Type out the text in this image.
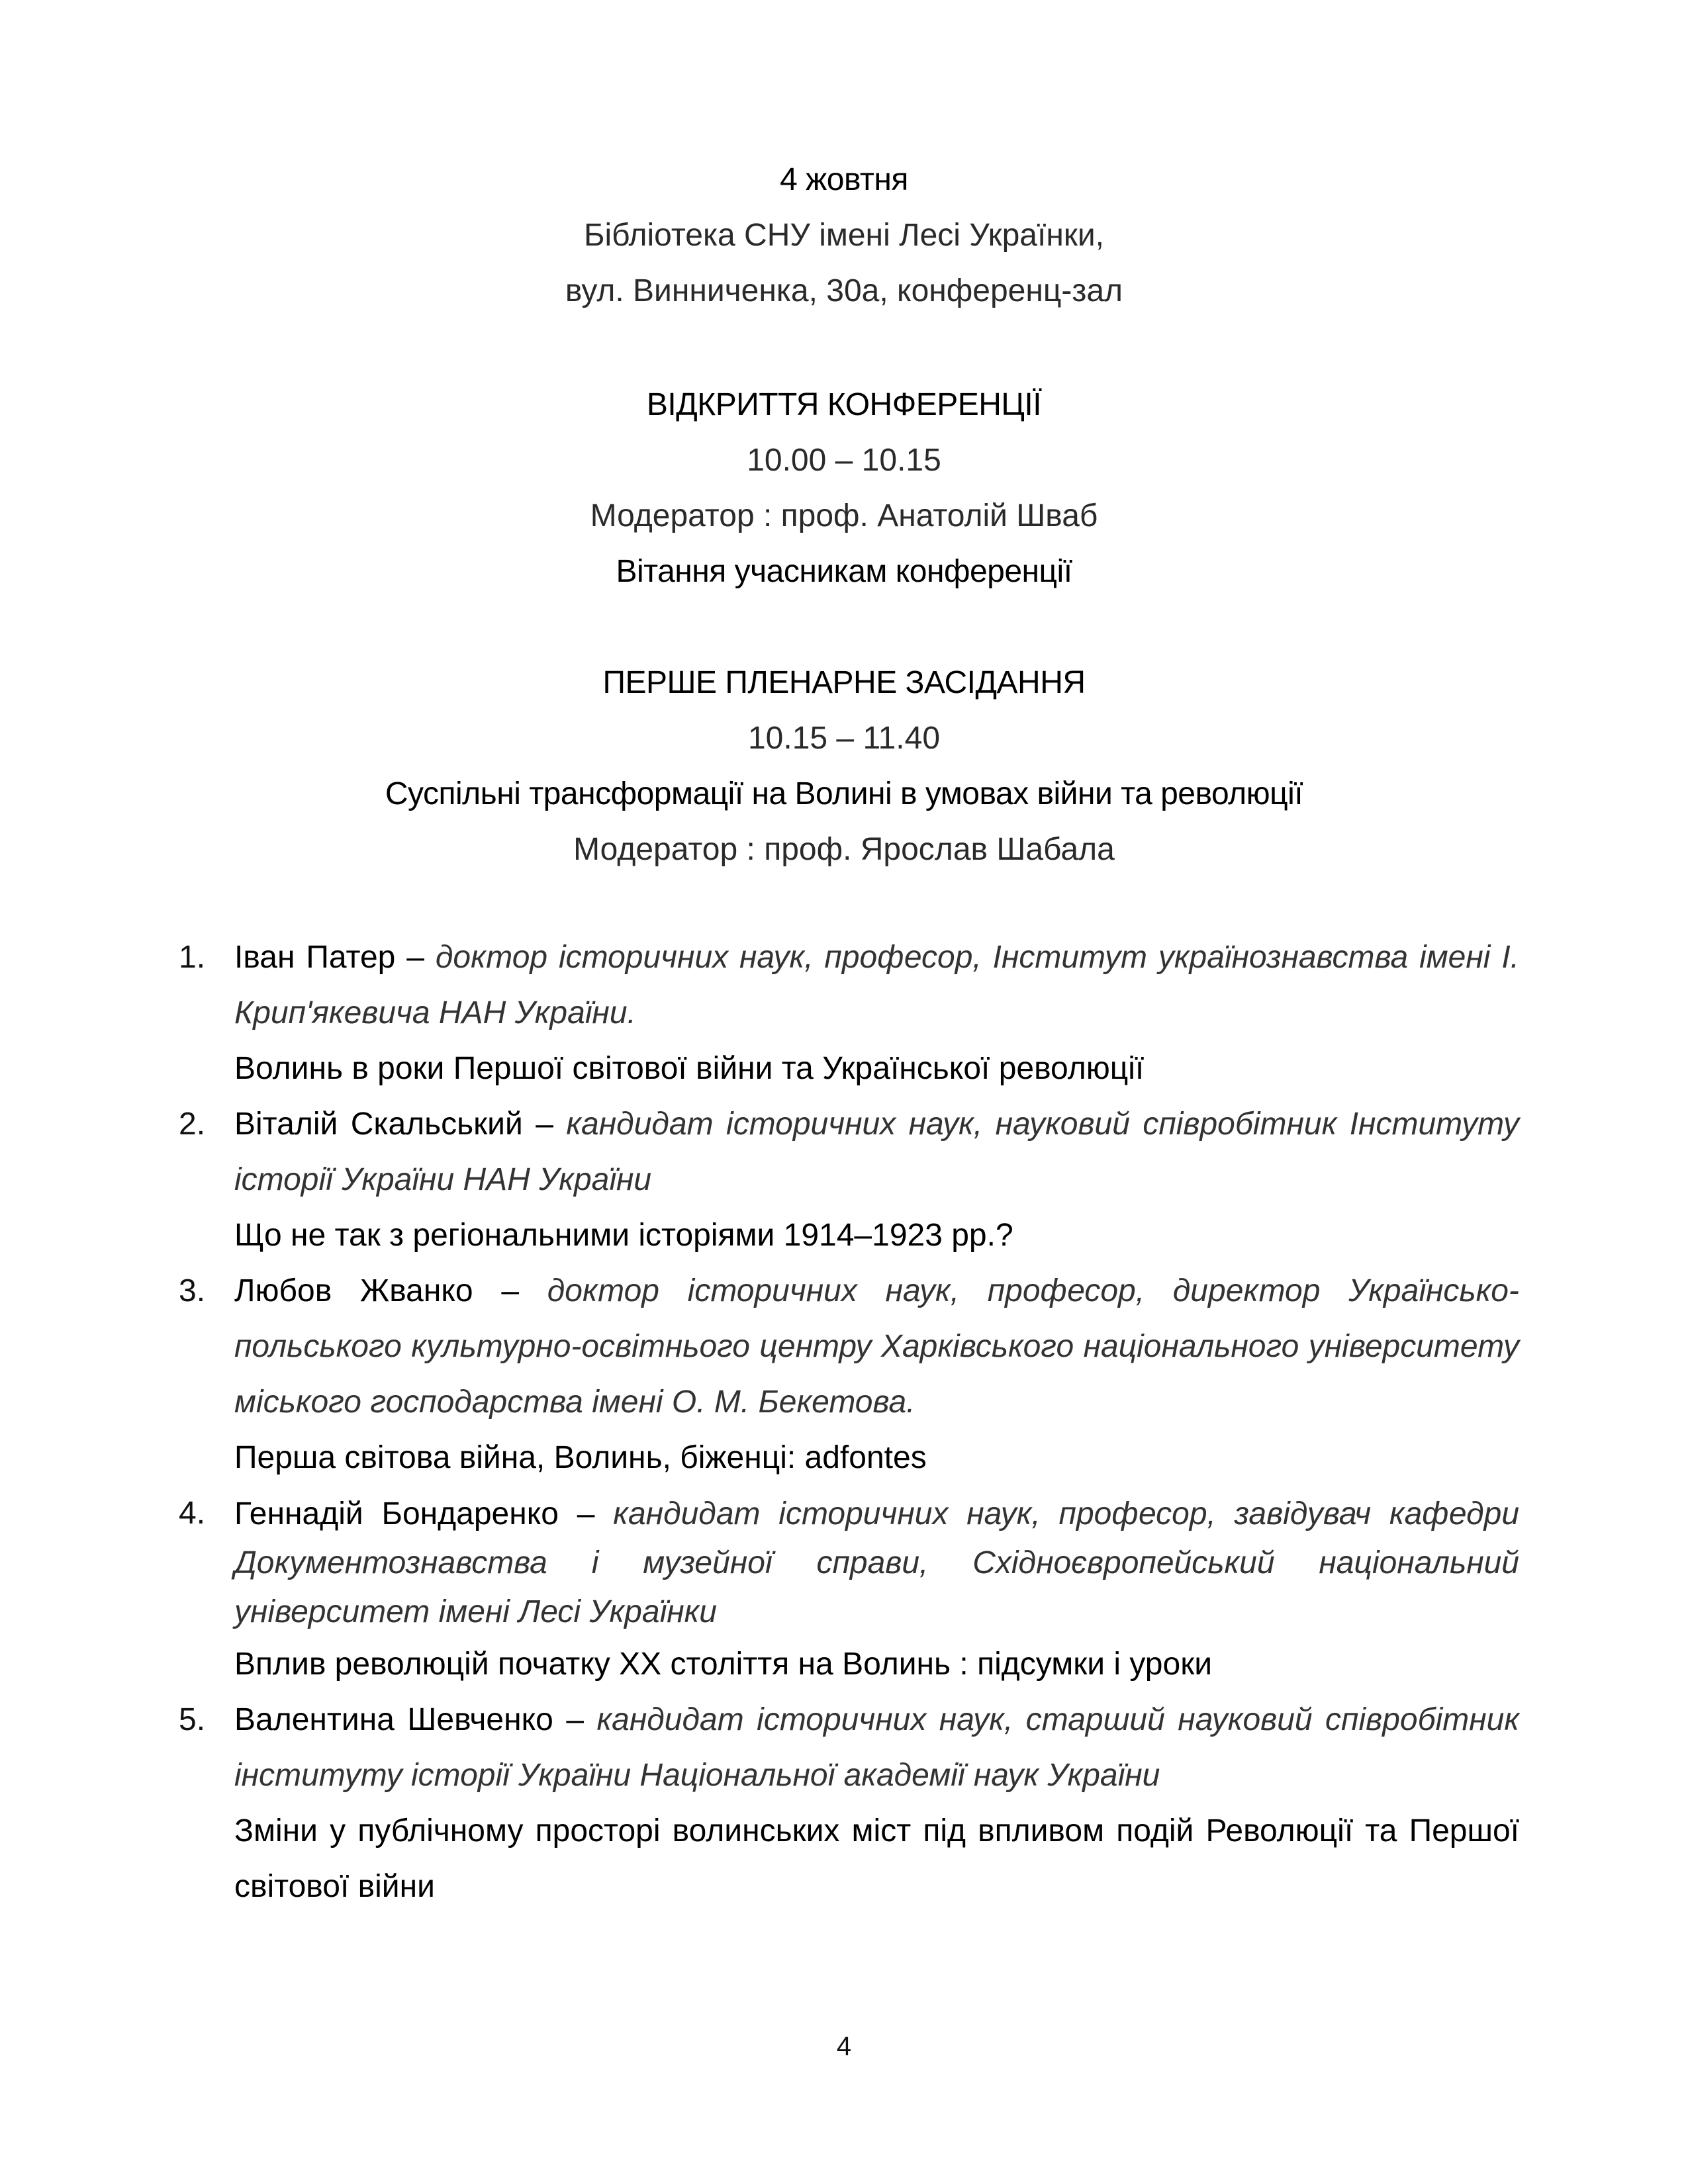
4 жовтня
Бібліотека СНУ імені Лесі Українки,
вул. Винниченка, 30а, конференц-зал
ВІДКРИТТЯ КОНФЕРЕНЦІЇ
10.00 – 10.15
Модератор : проф. Анатолій Шваб
Вітання учасникам конференції
ПЕРШЕ ПЛЕНАРНЕ ЗАСІДАННЯ
10.15 – 11.40
Суспільні трансформації на Волині в умовах війни та революції
Модератор : проф. Ярослав Шабала
1. Іван Патер – доктор історичних наук, професор, Інститут українознавства імені І. Крип'якевича НАН України.
Волинь в роки Першої світової війни та Української революції
2. Віталій Скальський – кандидат історичних наук, науковий співробітник Інституту історії України НАН України
Що не так з регіональними історіями 1914–1923 рр.?
3. Любов Жванко – доктор історичних наук, професор, директор Українсько-польського культурно-освітнього центру Харківського національного університету міського господарства імені О. М. Бекетова.
Перша світова війна, Волинь, біженці: adfontes
4. Геннадій Бондаренко – кандидат історичних наук, професор, завідувач кафедри Документознавства і музейної справи, Східноєвропейський національний університет імені Лесі Українки
Вплив революцій початку ХХ століття на Волинь : підсумки і уроки
5. Валентина Шевченко – кандидат історичних наук, старший науковий співробітник інституту історії України Національної академії наук України
Зміни у публічному просторі волинських міст під впливом подій Революції та Першої світової війни
4
